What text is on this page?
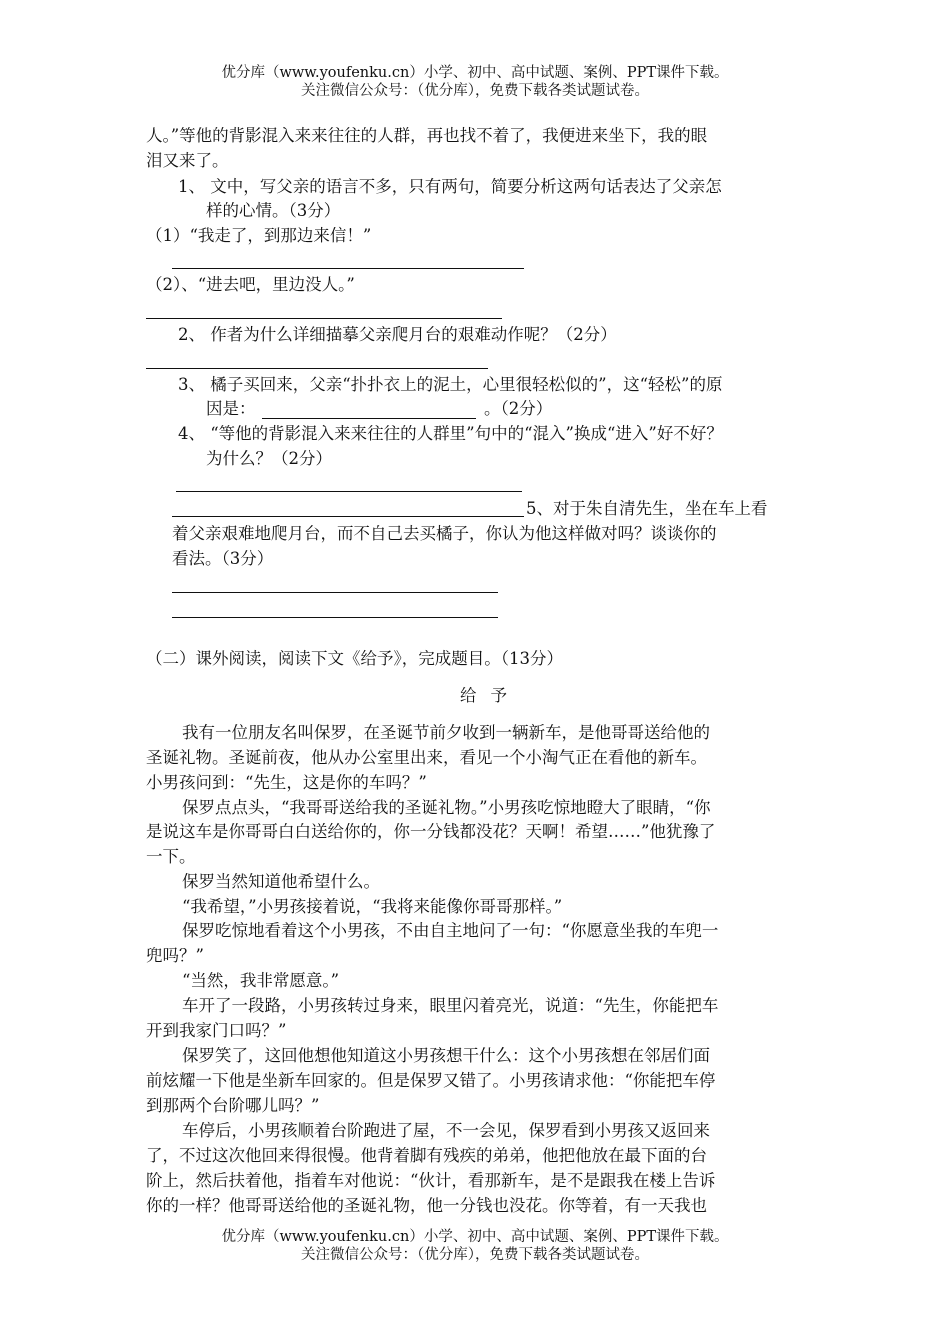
优分库（www.youfenku.cn）小学、初中、高中试题、案例、PPT课件下载。
关注微信公众号：（优分库），免费下载各类试题试卷。
人。”等他的背影混入来来往往的人群，再也找不着了，我便进来坐下，我的眼
泪又来了。
1、 文中，写父亲的语言不多，只有两句，简要分析这两句话表达了父亲怎
样的心情。（3分）
（1）“我走了，到那边来信！”
（2）、“进去吧，里边没人。”
2、 作者为什么详细描摹父亲爬月台的艰难动作呢？（2分）
3、 橘子买回来，父亲“扑扑衣上的泥土，心里很轻松似的”，这“轻松”的原
因是：	。（2分）
4、 “等他的背影混入来来往往的人群里”句中的“混入”换成“进入”好不好？
为什么？（2分）
5、对于朱自清先生，坐在车上看
着父亲艰难地爬月台，而不自己去买橘子，你认为他这样做对吗？谈谈你的
看法。（3分）
（二）课外阅读，阅读下文《给予》，完成题目。（13分）
给予
我有一位朋友名叫保罗，在圣诞节前夕收到一辆新车，是他哥哥送给他的
圣诞礼物。圣诞前夜，他从办公室里出来，看见一个小淘气正在看他的新车。
小男孩问到：“先生，这是你的车吗？”
保罗点点头，“我哥哥送给我的圣诞礼物。”小男孩吃惊地瞪大了眼睛，“你
是说这车是你哥哥白白送给你的，你一分钱都没花？天啊！希望……”他犹豫了
一下。
保罗当然知道他希望什么。
“我希望，”小男孩接着说，“我将来能像你哥哥那样。”
保罗吃惊地看着这个小男孩，不由自主地问了一句：“你愿意坐我的车兜一
兜吗？”
“当然，我非常愿意。”
车开了一段路，小男孩转过身来，眼里闪着亮光，说道：“先生，你能把车
开到我家门口吗？”
保罗笑了，这回他想他知道这小男孩想干什么：这个小男孩想在邻居们面
前炫耀一下他是坐新车回家的。但是保罗又错了。小男孩请求他：“你能把车停
到那两个台阶哪儿吗？”
车停后，小男孩顺着台阶跑进了屋，不一会见，保罗看到小男孩又返回来
了，不过这次他回来得很慢。他背着脚有残疾的弟弟，他把他放在最下面的台
阶上，然后扶着他，指着车对他说：“伙计，看那新车，是不是跟我在楼上告诉
你的一样？他哥哥送给他的圣诞礼物，他一分钱也没花。你等着，有一天我也
优分库（www.youfenku.cn）小学、初中、高中试题、案例、PPT课件下载。
关注微信公众号：（优分库），免费下载各类试题试卷。
